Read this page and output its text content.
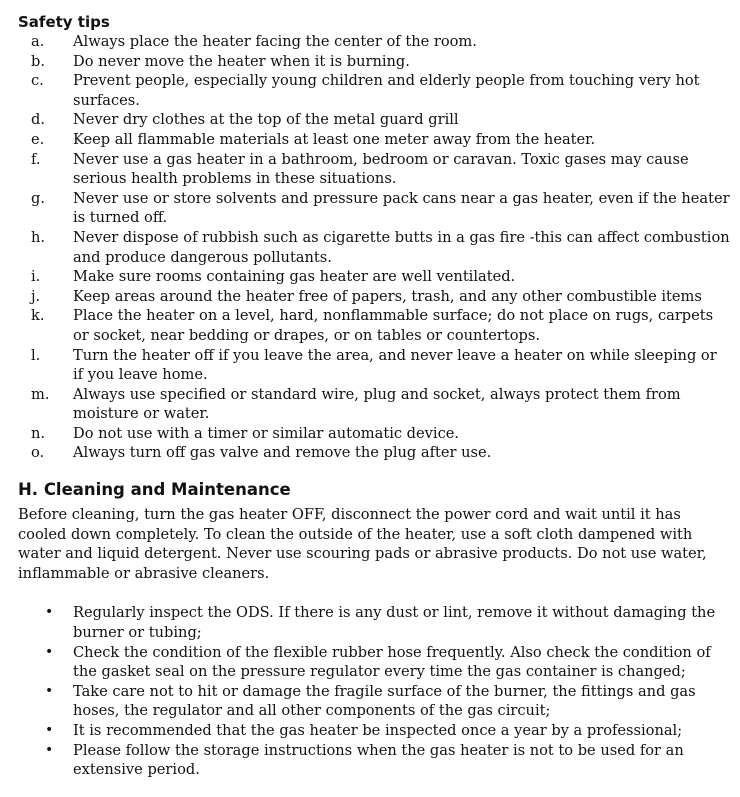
Safety tips
a.	Always place the heater facing the center of the room.
b.	Do never move the heater when it is burning.
c.	Prevent people, especially young children and elderly people from touching very hot surfaces.
d.	Never dry clothes at the top of the metal guard grill
e.	Keep all flammable materials at least one meter away from the heater.
f.	Never use a gas heater in a bathroom, bedroom or caravan. Toxic gases may cause serious health problems in these situations.
g.	Never use or store solvents and pressure pack cans near a gas heater, even if the heater is turned off.
h.	Never dispose of rubbish such as cigarette butts in a gas fire -this can affect combustion and produce dangerous pollutants.
i.	Make sure rooms containing gas heater are well ventilated.
j.	Keep areas around the heater free of papers, trash, and any other combustible items
k.	Place the heater on a level, hard, nonflammable surface; do not place on rugs, carpets or socket, near bedding or drapes, or on tables or countertops.
l.	Turn the heater off if you leave the area, and never leave a heater on while sleeping or if you leave home.
m.	Always use specified or standard wire, plug and socket, always protect them from moisture or water.
n.	Do not use with a timer or similar automatic device.
o.	Always turn off gas valve and remove the plug after use.
H. Cleaning and Maintenance

Before cleaning, turn the gas heater OFF, disconnect the power cord and wait until it has cooled down completely. To clean the outside of the heater, use a soft cloth dampened with water and liquid detergent. Never use scouring pads or abrasive products. Do not use water, inflammable or abrasive cleaners.

• Regularly inspect the ODS. If there is any dust or lint, remove it without damaging the burner or tubing;
• Check the condition of the flexible rubber hose frequently. Also check the condition of the gasket seal on the pressure regulator every time the gas container is changed;
• Take care not to hit or damage the fragile surface of the burner, the fittings and gas hoses, the regulator and all other components of the gas circuit;
• It is recommended that the gas heater be inspected once a year by a professional;
• Please follow the storage instructions when the gas heater is not to be used for an extensive period.
